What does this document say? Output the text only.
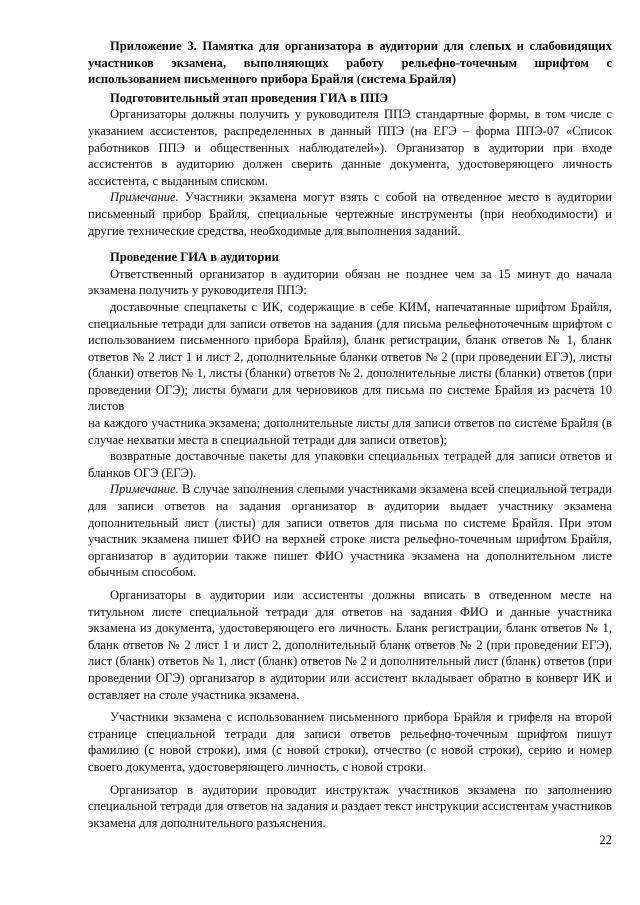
Приложение 3. Памятка для организатора в аудитории для слепых и слабовидящих участников экзамена, выполняющих работу рельефно-точечным шрифтом с использованием письменного прибора Брайля (система Брайля)

Подготовительный этап проведения ГИА в ППЭ

Организаторы должны получить у руководителя ППЭ стандартные формы, в том числе с указанием ассистентов, распределенных в данный ППЭ (на ЕГЭ – форма ППЭ-07 «Список работников ППЭ и общественных наблюдателей»). Организатор в аудитории при входе ассистентов в аудиторию должен сверить данные документа, удостоверяющего личность ассистента, с выданным списком.

Примечание. Участники экзамена могут взять с собой на отведенное место в аудитории письменный прибор Брайля, специальные чертежные инструменты (при необходимости) и другие технические средства, необходимые для выполнения заданий.

Проведение ГИА в аудитории

Ответственный организатор в аудитории обязан не позднее чем за 15 минут до начала экзамена получить у руководителя ППЭ:

доставочные спецпакеты с ИК, содержащие в себе КИМ, напечатанные шрифтом Брайля, специальные тетради для записи ответов на задания (для письма рельефноточечным шрифтом с использованием письменного прибора Брайля), бланк регистрации, бланк ответов № 1, бланк ответов № 2 лист 1 и лист 2, дополнительные бланки ответов № 2 (при проведении ЕГЭ), листы (бланки) ответов № 1, листы (бланки) ответов № 2, дополнительные листы (бланки) ответов (при проведении ОГЭ); листы бумаги для черновиков для письма по системе Брайля из расчета 10 листов

на каждого участника экзамена; дополнительные листы для записи ответов по системе Брайля (в случае нехватки места в специальной тетради для записи ответов);

возвратные доставочные пакеты для упаковки специальных тетрадей для записи ответов и бланков ОГЭ (ЕГЭ).

Примечание. В случае заполнения слепыми участниками экзамена всей специальной тетради для записи ответов на задания организатор в аудитории выдает участнику экзамена дополнительный лист (листы) для записи ответов для письма по системе Брайля. При этом участник экзамена пишет ФИО на верхней строке листа рельефно-точечным шрифтом Брайля, организатор в аудитории также пишет ФИО участника экзамена на дополнительном листе обычным способом.

Организаторы в аудитории или ассистенты должны вписать в отведенном месте на титульном листе специальной тетради для ответов на задания ФИО и данные участника экзамена из документа, удостоверяющего его личность. Бланк регистрации, бланк ответов № 1, бланк ответов № 2 лист 1 и лист 2, дополнительный бланк ответов № 2 (при проведении ЕГЭ), лист (бланк) ответов № 1, лист (бланк) ответов № 2 и дополнительный лист (бланк) ответов (при проведении ОГЭ) организатор в аудитории или ассистент вкладывает обратно в конверт ИК и оставляет на столе участника экзамена.

Участники экзамена с использованием письменного прибора Брайля и грифеля на второй странице специальной тетради для записи ответов рельефно-точечным шрифтом пишут фамилию (с новой строки), имя (с новой строки), отчество (с новой строки), серию и номер своего документа, удостоверяющего личность, с новой строки.

Организатор в аудитории проводит инструктаж участников экзамена по заполнению специальной тетради для ответов на задания и раздает текст инструкции ассистентам участников экзамена для дополнительного разъяснения.

22
